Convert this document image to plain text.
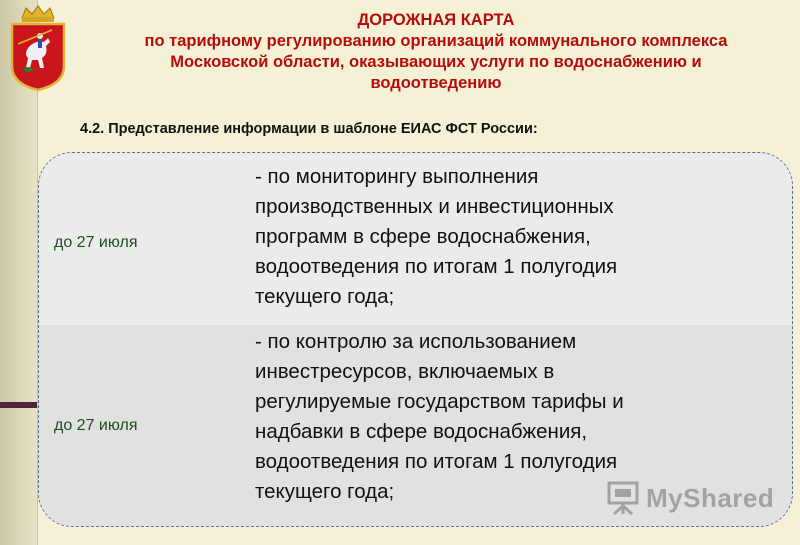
ДОРОЖНАЯ КАРТА
по тарифному регулированию организаций коммунального комплекса
Московской области, оказывающих услуги по водоснабжению и
водоотведению
4.2. Представление информации в шаблоне ЕИАС ФСТ России:
до 27 июля
- по мониторингу выполнения
производственных и инвестиционных
программ в сфере водоснабжения,
водоотведения по итогам 1 полугодия
текущего года;
до 27 июля
- по контролю за использованием
инвестресурсов, включаемых в
регулируемые государством тарифы и
надбавки в сфере водоснабжения,
водоотведения по итогам 1 полугодия
текущего года;	MyShared
